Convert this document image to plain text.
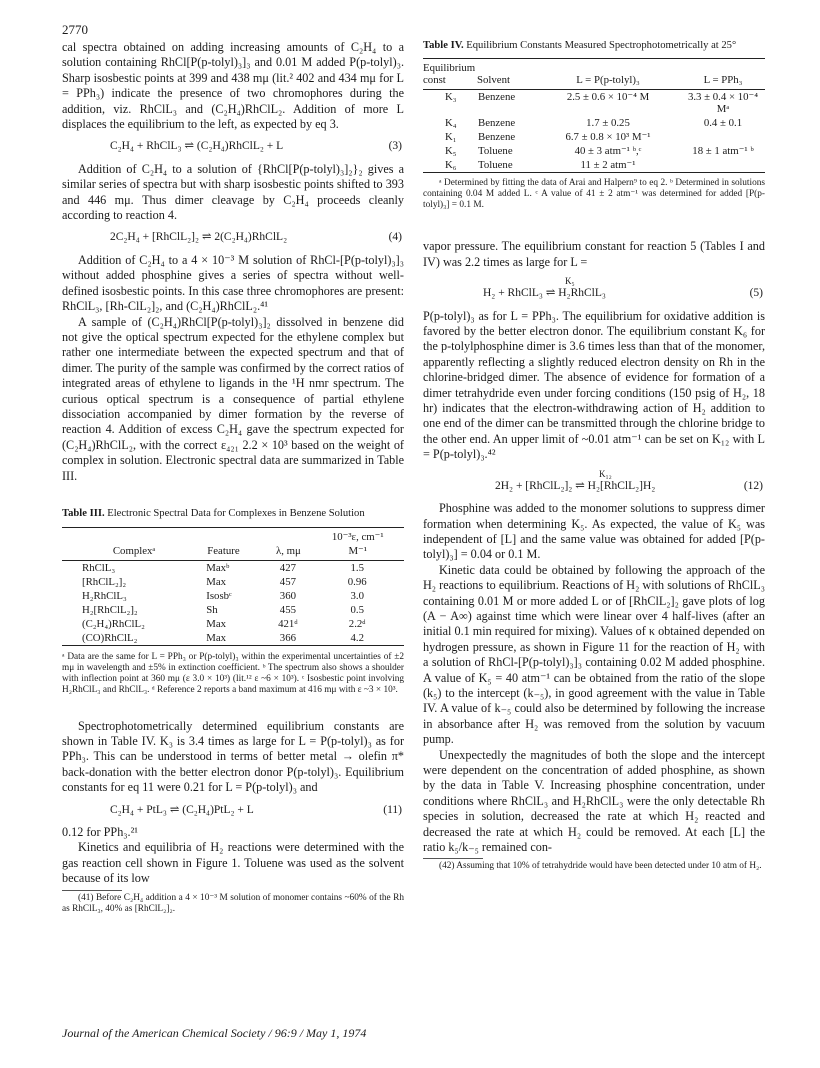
2770

cal spectra obtained on adding increasing amounts of C₂H₄ to a solution containing RhCl[P(p-tolyl)₃]₃ and 0.01 M added P(p-tolyl)₃. Sharp isosbestic points at 399 and 438 mμ (lit.² 402 and 434 mμ for L = PPh₃) indicate the presence of two chromophores during the addition, viz. RhClL₃ and (C₂H₄)RhClL₂. Addition of more L displaces the equilibrium to the left, as expected by eq 3.

C₂H₄ + RhClL₃ ⇌ (C₂H₄)RhClL₂ + L	(3)

Addition of C₂H₄ to a solution of {RhCl[P(p-tolyl)₃]₂}₂ gives a similar series of spectra but with sharp isosbestic points shifted to 393 and 446 mμ. Thus dimer cleavage by C₂H₄ proceeds cleanly according to reaction 4.

2C₂H₄ + [RhClL₂]₂ ⇌ 2(C₂H₄)RhClL₂	(4)

Addition of C₂H₄ to a 4 × 10⁻³ M solution of RhCl-[P(p-tolyl)₃]₃ without added phosphine gives a series of spectra without well-defined isosbestic points. In this case three chromophores are present: RhClL₃, [Rh-ClL₂]₂, and (C₂H₄)RhClL₂.⁴¹

A sample of (C₂H₄)RhCl[P(p-tolyl)₃]₂ dissolved in benzene did not give the optical spectrum expected for the ethylene complex but rather one intermediate between the expected spectrum and that of dimer. The purity of the sample was confirmed by the correct ratios of integrated areas of ethylene to ligands in the ¹H nmr spectrum. The curious optical spectrum is a consequence of partial ethylene dissociation accompanied by dimer formation by the reverse of reaction 4. Addition of excess C₂H₄ gave the spectrum expected for (C₂H₄)RhClL₂, with the correct ε₄₂₁ 2.2 × 10³ based on the weight of complex in solution. Electronic spectral data are summarized in Table III.

Table III. Electronic Spectral Data for Complexes in Benzene Solution
			10⁻³ε, cm⁻¹
Complexᵃ	Feature	λ, mμ	M⁻¹
RhClL₃	Maxᵇ	427	1.5
[RhClL₂]₂	Max	457	0.96
H₂RhClL₃	Isosbᶜ	360	3.0
H₂[RhClL₂]₂	Sh	455	0.5
(C₂H₄)RhClL₂	Max	421ᵈ	2.2ᵈ
(CO)RhClL₂	Max	366	4.2

ᵃ Data are the same for L = PPh₃ or P(p-tolyl)₃ within the experimental uncertainties of ±2 mμ in wavelength and ±5% in extinction coefficient. ᵇ The spectrum also shows a shoulder with inflection point at 360 mμ (ε 3.0 × 10³) (lit.¹² ε ~6 × 10³). ᶜ Isosbestic point involving H₂RhClL₃ and RhClL₃. ᵈ Reference 2 reports a band maximum at 416 mμ with ε ~3 × 10³.

Spectrophotometrically determined equilibrium constants are shown in Table IV. K₃ is 3.4 times as large for L = P(p-tolyl)₃ as for PPh₃. This can be understood in terms of better metal → olefin π* back-donation with the better electron donor P(p-tolyl)₃. Equilibrium constants for eq 11 were 0.21 for L = P(p-tolyl)₃ and

C₂H₄ + PtL₃ ⇌ (C₂H₄)PtL₂ + L	(11)

0.12 for PPh₃.²¹

Kinetics and equilibria of H₂ reactions were determined with the gas reaction cell shown in Figure 1. Toluene was used as the solvent because of its low

(41) Before C₂H₄ addition a 4 × 10⁻³ M solution of monomer contains ~60% of the Rh as RhClL₃, 40% as [RhClL₂]₂.

Table IV. Equilibrium Constants Measured Spectrophotometrically at 25°
Equilibrium const	Solvent	L = P(p-tolyl)₃	L = PPh₃
K₃	Benzene	2.5 ± 0.6 × 10⁻⁴ M	3.3 ± 0.4 × 10⁻⁴ Mᵃ
K₄	Benzene	1.7 ± 0.25	0.4 ± 0.1
K₁	Benzene	6.7 ± 0.8 × 10³ M⁻¹	
K₅	Toluene	40 ± 3 atm⁻¹ ᵇ,ᶜ	18 ± 1 atm⁻¹ ᵇ
K₆	Toluene	11 ± 2 atm⁻¹	

ᵃ Determined by fitting the data of Arai and Halpern⁹ to eq 2. ᵇ Determined in solutions containing 0.04 M added L. ᶜ A value of 41 ± 2 atm⁻¹ was determined for added [P(p-tolyl)₃] = 0.1 M.

vapor pressure. The equilibrium constant for reaction 5 (Tables I and IV) was 2.2 times as large for L =

K₅
H₂ + RhClL₃ ⇌ H₂RhClL₃	(5)

P(p-tolyl)₃ as for L = PPh₃. The equilibrium for oxidative addition is favored by the better electron donor. The equilibrium constant K₆ for the p-tolylphosphine dimer is 3.6 times less than that of the monomer, apparently reflecting a slightly reduced electron density on Rh in the chlorine-bridged dimer. The absence of evidence for formation of a dimer tetrahydride even under forcing conditions (150 psig of H₂, 18 hr) indicates that the electron-withdrawing action of H₂ addition to one end of the dimer can be transmitted through the chlorine bridge to the other end. An upper limit of ~0.01 atm⁻¹ can be set on K₁₂ with L = P(p-tolyl)₃.⁴²

K₁₂
2H₂ + [RhClL₂]₂ ⇌ H₂[RhClL₂]H₂	(12)

Phosphine was added to the monomer solutions to suppress dimer formation when determining K₅. As expected, the value of K₅ was independent of [L] and the same value was obtained for added [P(p-tolyl)₃] = 0.04 or 0.1 M.

Kinetic data could be obtained by following the approach of the H₂ reactions to equilibrium. Reactions of H₂ with solutions of RhClL₃ containing 0.01 M or more added L or of [RhClL₂]₂ gave plots of log (A − A∞) against time which were linear over 4 half-lives (after an initial 0.1 min required for mixing). Values of κ obtained depended on hydrogen pressure, as shown in Figure 11 for the reaction of H₂ with a solution of RhCl-[P(p-tolyl)₃]₃ containing 0.02 M added phosphine. A value of K₅ = 40 atm⁻¹ can be obtained from the ratio of the slope (k₅) to the intercept (k₋₅), in good agreement with the value in Table IV. A value of k₋₅ could also be determined by following the increase in absorbance after H₂ was removed from the solution by vacuum pump.

Unexpectedly the magnitudes of both the slope and the intercept were dependent on the concentration of added phosphine, as shown by the data in Table V. Increasing phosphine concentration, under conditions where RhClL₃ and H₂RhClL₃ were the only detectable Rh species in solution, decreased the rate at which H₂ reacted and decreased the rate at which H₂ could be removed. At each [L] the ratio k₅/k₋₅ remained con-

(42) Assuming that 10% of tetrahydride would have been detected under 10 atm of H₂.

Journal of the American Chemical Society / 96:9 / May 1, 1974
